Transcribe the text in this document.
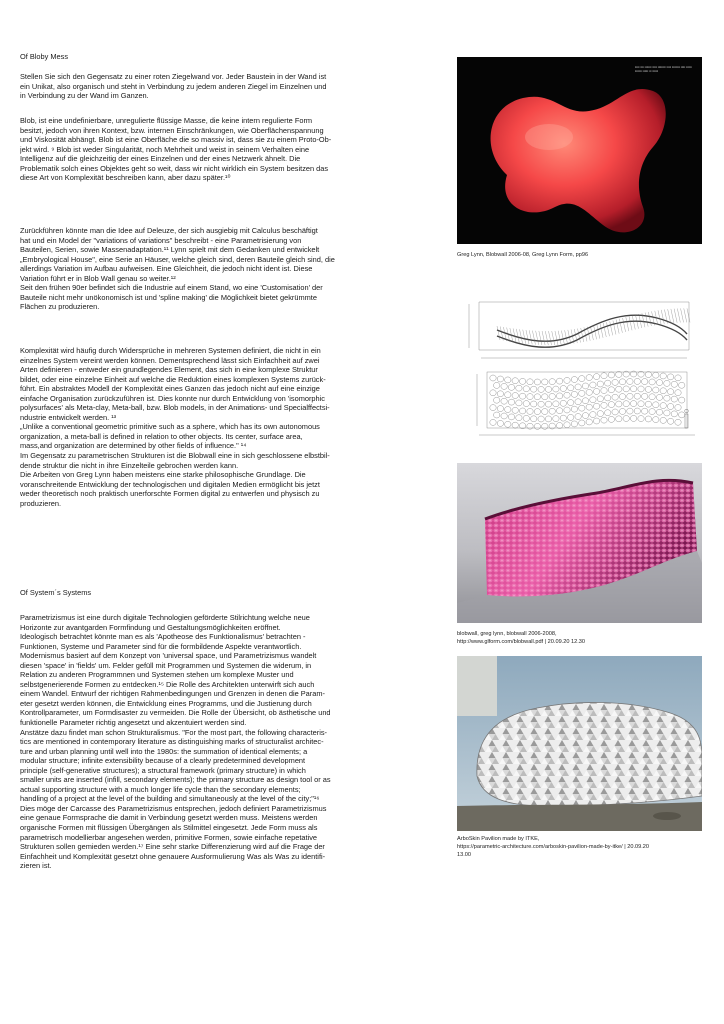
Of Bloby Mess
Stellen Sie sich den Gegensatz zu einer roten Ziegelwand vor. Jeder Baustein in der Wand ist
ein Unikat, also organisch und steht in Verbindung zu jedem anderen Ziegel im Einzelnen und
in Verbindung zu der Wand im Ganzen.
Blob, ist eine undefinierbare, unregulierte flüssige Masse, die keine intern regulierte Form
besitzt, jedoch von ihren Kontext, bzw. internen Einschränkungen, wie Oberflächenspannung
und Viskosität abhängt. Blob ist eine Oberfläche die so massiv ist, dass sie zu einem Proto-Ob-
jekt wird. ⁹ Blob ist weder Singularität, noch Mehrheit und weist in seinem Verhalten eine
Intelligenz auf die gleichzeitig der eines Einzelnen und der eines Netzwerk ähnelt. Die
Problematik solch eines Objektes geht so weit, dass wir nicht wirklich ein System besitzen das
diese Art von Komplexität beschreiben kann, aber dazu später.¹⁰
Zurückführen könnte man die Idee auf Deleuze, der sich ausgiebig mit Calculus beschäftigt
hat und ein Model der "variations of variations" beschreibt - eine Parametrisierung von
Bauteilen, Serien, sowie Massenadaptation.¹¹ Lynn spielt mit dem Gedanken und entwickelt
„Embryological House", eine Serie an Häuser, welche gleich sind, deren Bauteile gleich sind, die
allerdings Variation im Aufbau aufweisen. Eine Gleichheit, die jedoch nicht ident ist. Diese
Variation führt er in Blob Wall genau so weiter.¹²
Seit den frühen 90er befindet sich die Industrie auf einem Stand, wo eine 'Customisation' der
Bauteile nicht mehr unökonomisch ist und 'spline making' die Möglichkeit bietet gekrümmte
Flächen zu produzieren.
Komplexität wird häufig durch Widersprüche in mehreren Systemen definiert, die nicht in ein
einzelnes System vereint werden können. Dementsprechend lässt sich Einfachheit auf zwei
Arten definieren - entweder ein grundlegendes Element, das sich in eine komplexe Struktur
bildet, oder eine einzelne Einheit auf welche die Reduktion eines komplexen Systems zurück-
führt. Ein abstraktes Modell der Komplexität eines Ganzen das jedoch nicht auf eine einzige
einfache Organisation zurückzuführen ist. Dies konnte nur durch Entwicklung von 'isomorphic
polysurfaces' als Meta-clay, Meta-ball, bzw. Blob models, in der Animations- und Specialffectsi-
ndustrie entwickelt werden. ¹³
„Unlike a conventional geometric primitive such as a sphere, which has its own autonomous
organization, a meta-ball is defined in relation to other objects. Its center, surface area,
mass,and organization are determined by other fields of influence." ¹⁴
Im Gegensatz zu parametrischen Strukturen ist die Blobwall eine in sich geschlossene elbstbil-
dende struktur die nicht in ihre Einzelteile gebrochen werden kann.
Die Arbeiten von Greg Lynn haben meistens eine starke philosophische Grundlage. Die
voranschreitende Entwicklung der technologischen und digitalen Medien ermöglicht bis jetzt
weder theoretisch noch praktisch unerforschte Formen digital zu entwerfen und physisch zu
produzieren.
Of System´s Systems
Parametrizismus ist eine durch digitale Technologien geförderte Stilrichtung welche neue
Horizonte zur avantgarden Formfindung und Gestaltungsmöglichkeiten eröffnet.
Ideologisch betrachtet könnte man es als 'Apotheose des Funktionalismus' betrachten -
Funktionen, Systeme und Parameter sind für die formbildende Aspekte verantwortlich.
Modernismus basiert auf dem Konzept von 'universal space, und Parametrizismus wandelt
diesen 'space' in 'fields' um. Felder gefüll mit Programmen und Systemen die widerum, in
Relation zu anderen Programmnen und Systemen stehen um komplexe Muster und
selbstgenerierende Formen zu entdecken.¹⁵ Die Rolle des Architekten unterwirft sich auch
einem Wandel. Entwurf der richtigen Rahmenbedingungen und Grenzen in denen die Param-
eter gesetzt werden können, die Entwicklung eines Programms, und die Justierung durch
Kontrollparameter, um Formdisaster zu vermeiden. Die Rolle der Übersicht, ob ästhetische und
funktionelle Parameter richtig angesetzt und akzentuiert werden sind.
Anstätze dazu findet man schon Strukturalismus. "For the most part, the following characteris-
tics are mentioned in contemporary literature as distinguishing marks of structuralist architec-
ture and urban planning until well into the 1980s: the summation of identical elements; a
modular structure; infinite extensibility because of a clearly predetermined development
principle (self-generative structures); a structural framework (primary structure) in which
smaller units are inserted (infill, secondary elements); the primary structure as design tool or as
actual supporting structure with a much longer life cycle than the secondary elements;
handling of a project at the level of the building and simultaneously at the level of the city;"¹⁶
Dies möge der Carcasse des Parametrizismus entsprechen, jedoch definiert Parametrizismus
eine genaue Formsprache die damit in Verbindung gesetzt werden muss. Meistens werden
organische Formen mit flüssigen Übergängen als Stilmittel eingesetzt. Jede Form muss als
parametrisch modellierbar angesehen werden, primitive Formen, sowie einfache repetative
Strukturen sollen gemieden werden.¹⁷ Eine sehr starke Differenzierung wird auf die Frage der
Einfachheit und Komplexität gesetzt ohne genauere Ausformulierung Was als Was zu identifi-
zieren ist.
▪▪▪▪ ▪▪▪ ▪▪▪▪▪▪ ▪▪▪▪ ▪▪▪▪▪▪▪ ▪▪▪▪ ▪▪▪▪▪▪▪ ▪▪▪▪ ▪▪▪▪▪ ▪▪▪▪▪▪ ▪▪▪▪▪ ▪▪ ▪▪▪▪▪
Greg Lynn, Blobwall 2006-08, Greg Lynn Form, pp96
blobwall, greg lynn, blobwall 2006-2008,
http://www.glform.com/blobwall.pdf | 20.09.20 12.30
ArboSkin Pavilion made by ITKE,
https://parametric-architecture.com/arboskin-pavilion-made-by-itke/ | 20.09.20
13.00
